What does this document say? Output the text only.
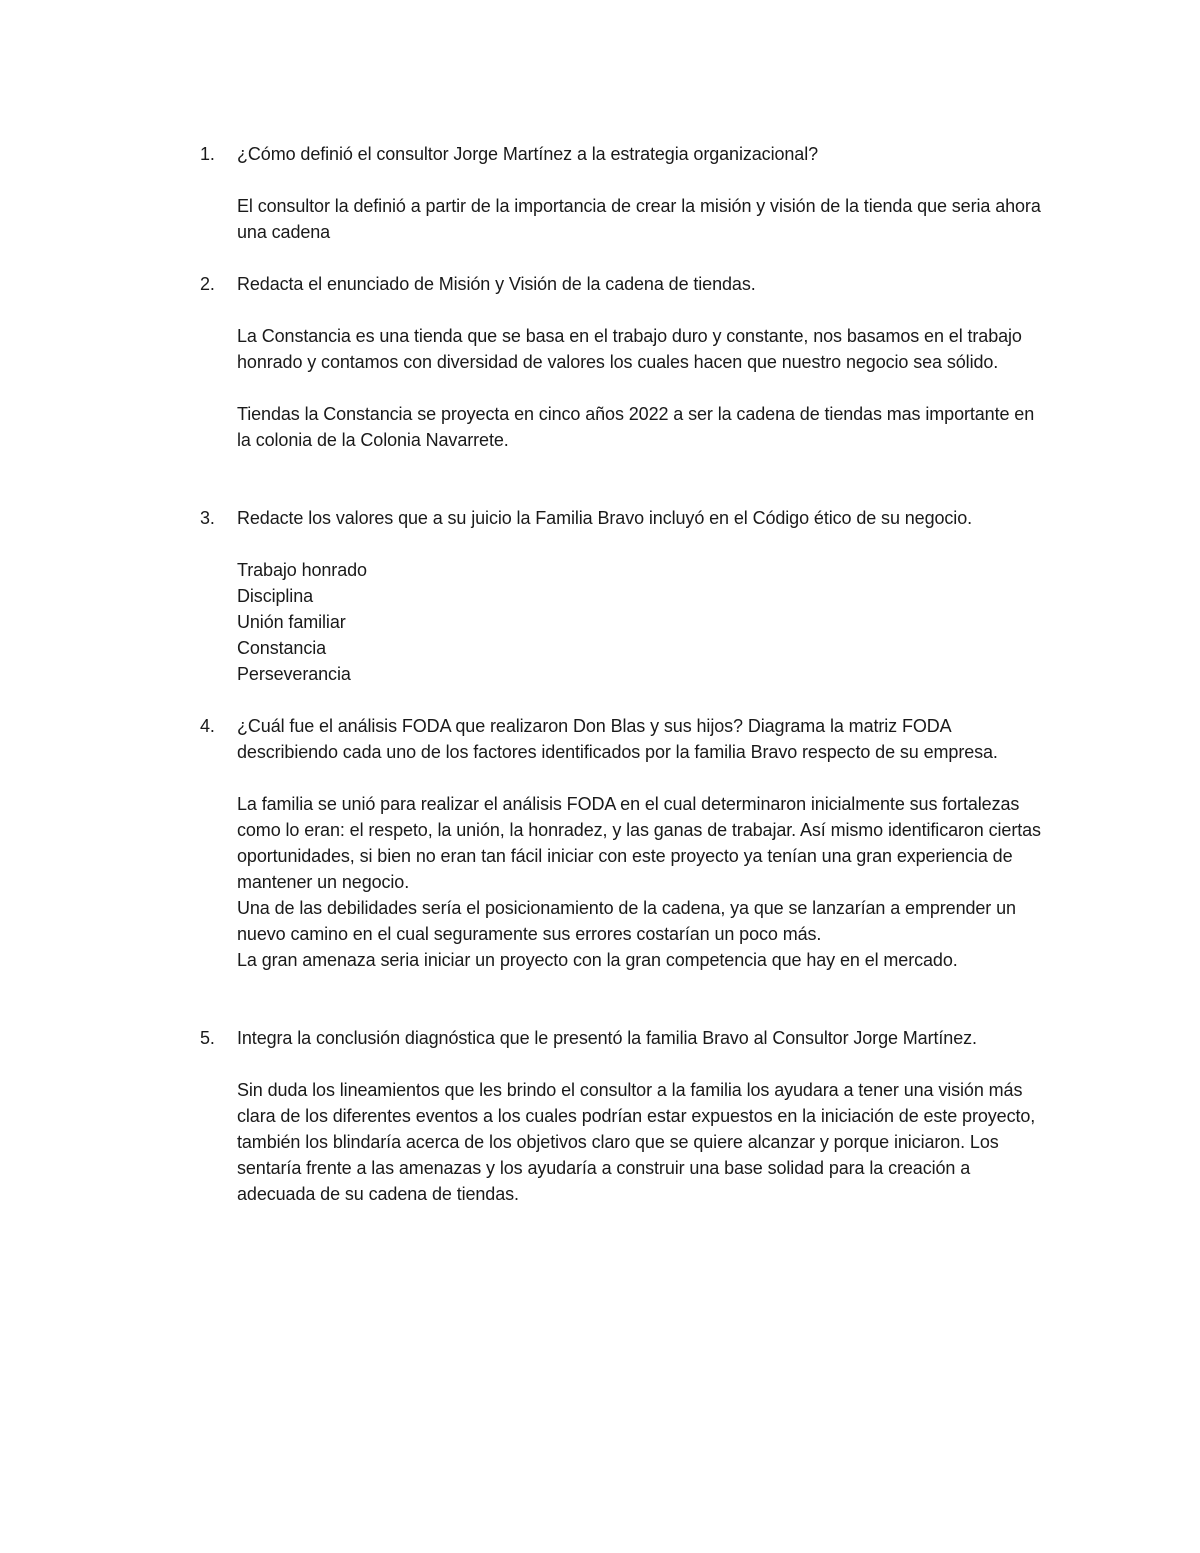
1. ¿Cómo definió el consultor Jorge Martínez a la estrategia organizacional?

El consultor la definió a partir de la importancia de crear la misión y visión de la tienda que seria ahora una cadena

2. Redacta el enunciado de Misión y Visión de la cadena de tiendas.

La Constancia es una tienda que se basa en el trabajo duro y constante, nos basamos en el trabajo honrado y contamos con diversidad de valores los cuales hacen que nuestro negocio sea sólido.

Tiendas la Constancia se proyecta en cinco años 2022 a ser la cadena de tiendas mas importante en la colonia de la Colonia Navarrete.

3. Redacte los valores que a su juicio la Familia Bravo incluyó en el Código ético de su negocio.
Trabajo honrado
Disciplina
Unión familiar
Constancia
Perseverancia
4. ¿Cuál fue el análisis FODA que realizaron Don Blas y sus hijos? Diagrama la matriz FODA describiendo cada uno de los factores identificados por la familia Bravo respecto de su empresa.

La familia se unió para realizar el análisis FODA en el cual determinaron inicialmente sus fortalezas como lo eran: el respeto, la unión, la honradez, y las ganas de trabajar. Así mismo identificaron ciertas oportunidades, si bien no eran tan fácil iniciar con este proyecto ya tenían una gran experiencia de mantener un negocio.

Una de las debilidades sería el posicionamiento de la cadena, ya que se lanzarían a emprender un nuevo camino en el cual seguramente sus errores costarían un poco más.

La gran amenaza seria iniciar un proyecto con la gran competencia que hay en el mercado.

5. Integra la conclusión diagnóstica que le presentó la familia Bravo al Consultor Jorge Martínez.

Sin duda los lineamientos que les brindo el consultor a la familia los ayudara a tener una visión más clara de los diferentes eventos a los cuales podrían estar expuestos en la iniciación de este proyecto, también los blindaría acerca de los objetivos claro que se quiere alcanzar y porque iniciaron. Los sentaría frente a las amenazas y los ayudaría a construir una base solidad para la creación a adecuada de su cadena de tiendas.
